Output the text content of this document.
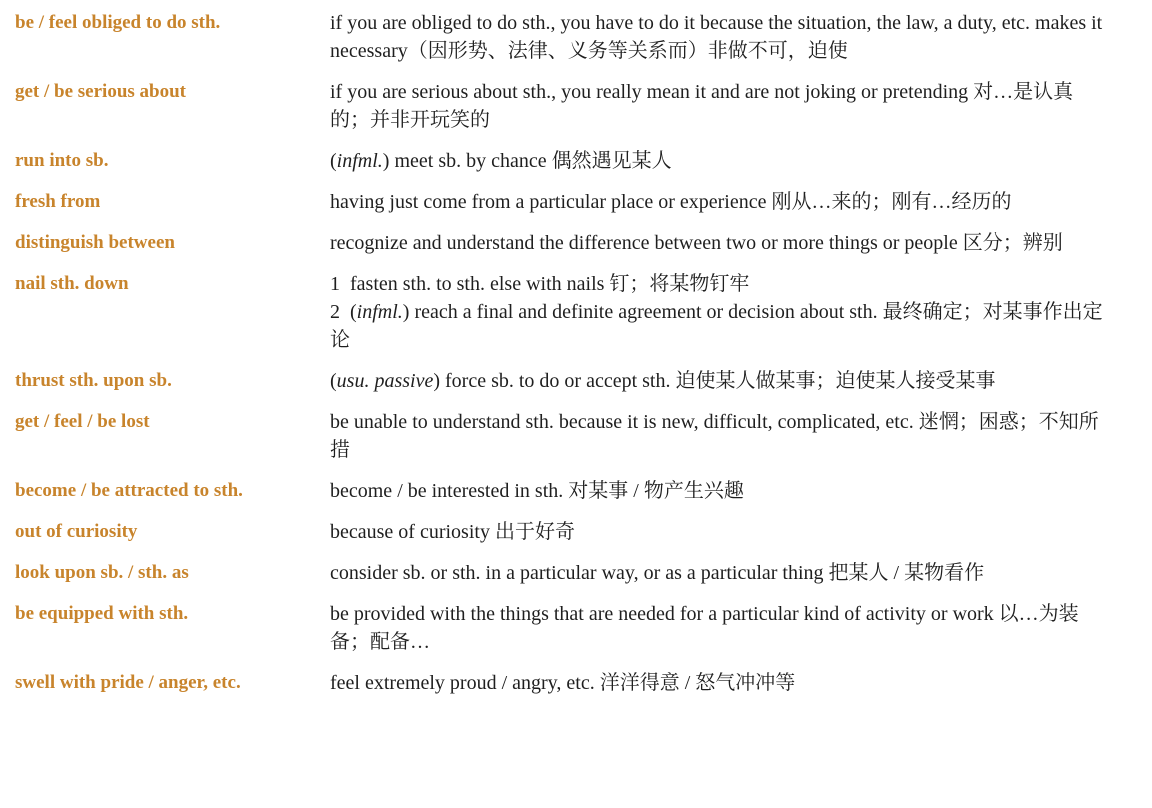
be / feel obliged to do sth.	if you are obliged to do sth., you have to do it because the situation, the law, a duty, etc. makes it necessary（因形势、法律、义务等关系而）非做不可，迫使

get / be serious about	if you are serious about sth., you really mean it and are not joking or pretending 对…是认真的；并非开玩笑的

run into sb.	(infml.) meet sb. by chance 偶然遇见某人

fresh from	having just come from a particular place or experience 刚从…来的；刚有…经历的

distinguish between	recognize and understand the difference between two or more things or people 区分；辨别

nail sth. down	1  fasten sth. to sth. else with nails 钉；将某物钉牢

2  (infml.) reach a final and definite agreement or decision about sth. 最终确定；对某事作出定论

thrust sth. upon sb.	(usu. passive) force sb. to do or accept sth. 迫使某人做某事；迫使某人接受某事

get / feel / be lost	be unable to understand sth. because it is new, difficult, complicated, etc. 迷惘；困惑；不知所措

become / be attracted to sth.	become / be interested in sth. 对某事 / 物产生兴趣

out of curiosity	because of curiosity 出于好奇

look upon sb. / sth. as	consider sb. or sth. in a particular way, or as a particular thing 把某人 / 某物看作

be equipped with sth.	be provided with the things that are needed for a particular kind of activity or work 以…为装备；配备…

swell with pride / anger, etc.	feel extremely proud / angry, etc. 洋洋得意 / 怒气冲冲等
